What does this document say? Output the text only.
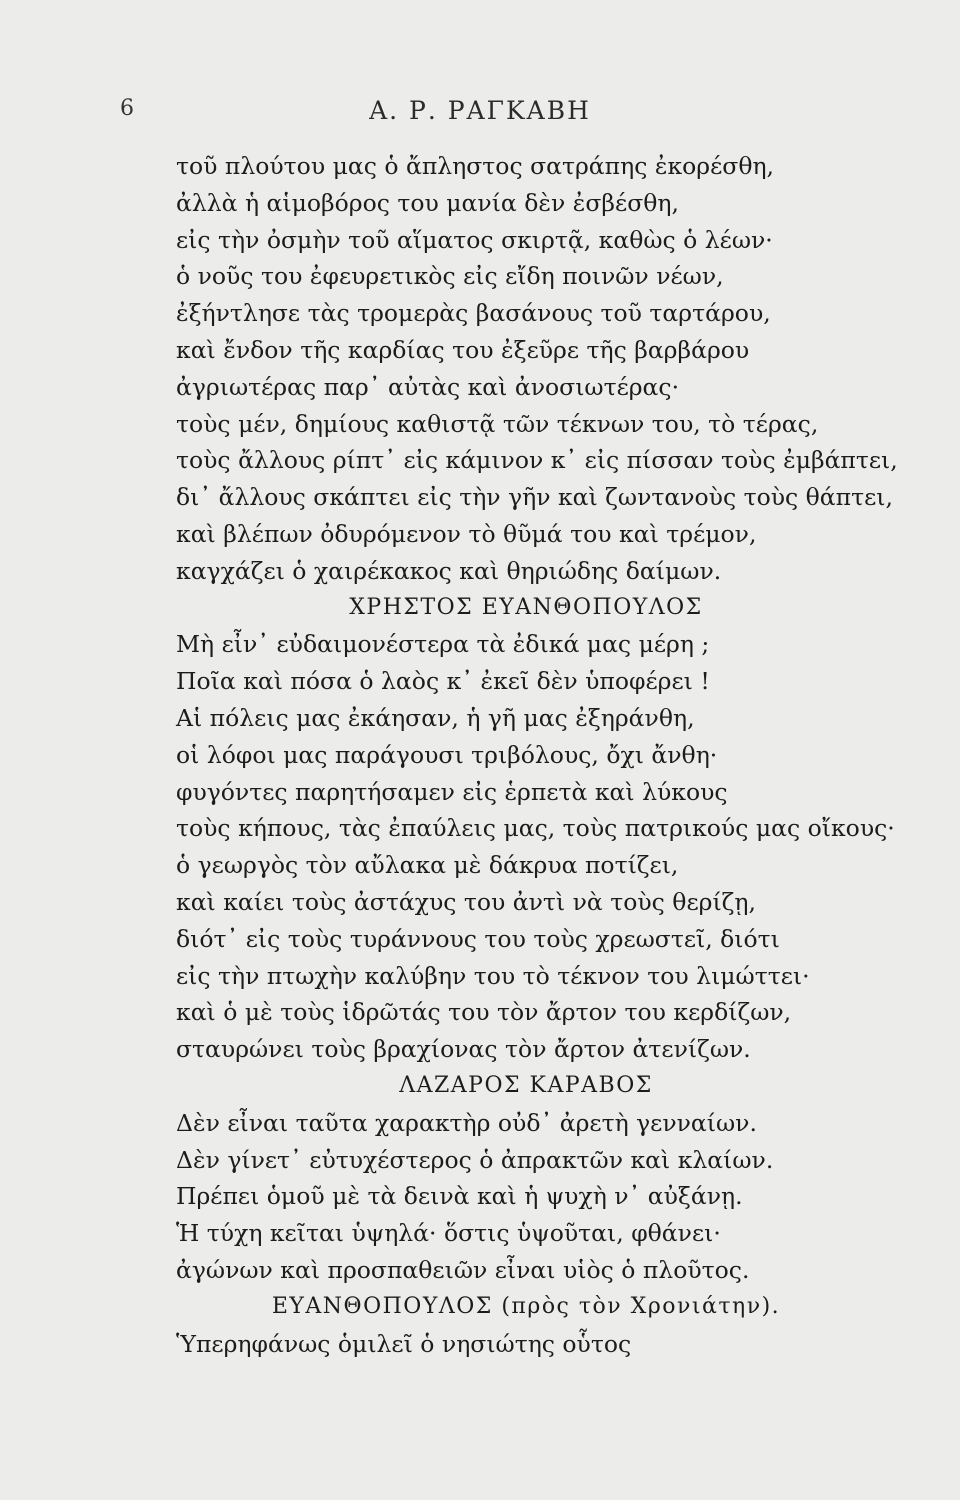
6	Α. Ρ. ΡΑΓΚΑΒΗ
τοῦ πλούτου μας ὁ ἄπληστος σατράπης ἐκορέσθη,
ἀλλὰ ἡ αἱμοβόρος του μανία δὲν ἐσβέσθη,
εἰς τὴν ὀσμὴν τοῦ αἵματος σκιρτᾷ, καθὼς ὁ λέων·
ὁ νοῦς του ἐφευρετικὸς εἰς εἴδη ποινῶν νέων,
ἐξήντλησε τὰς τρομερὰς βασάνους τοῦ ταρτάρου,
καὶ ἔνδον τῆς καρδίας του ἐξεῦρε τῆς βαρβάρου
ἀγριωτέρας παρ᾽ αὐτὰς καὶ ἀνοσιωτέρας·
τοὺς μέν, δημίους καθιστᾷ τῶν τέκνων του, τὸ τέρας,
τοὺς ἄλλους ρίπτ᾽ εἰς κάμινον κ᾽ εἰς πίσσαν τοὺς ἐμβάπτει,
δι᾽ ἄλλους σκάπτει εἰς τὴν γῆν καὶ ζωντανοὺς τοὺς θάπτει,
καὶ βλέπων ὀδυρόμενον τὸ θῦμά του καὶ τρέμον,
καγχάζει ὁ χαιρέκακος καὶ θηριώδης δαίμων.
ΧΡΗΣΤΟΣ ΕΥΑΝΘΟΠΟΥΛΟΣ
Μὴ εἶν᾽ εὐδαιμονέστερα τὰ ἐδικά μας μέρη ;
Ποῖα καὶ πόσα ὁ λαὸς κ᾽ ἐκεῖ δὲν ὑποφέρει !
Αἱ πόλεις μας ἐκάησαν, ἡ γῆ μας ἐξηράνθη,
οἱ λόφοι μας παράγουσι τριβόλους, ὄχι ἄνθη·
φυγόντες παρητήσαμεν εἰς ἑρπετὰ καὶ λύκους
τοὺς κήπους, τὰς ἐπαύλεις μας, τοὺς πατρικούς μας οἴκους·
ὁ γεωργὸς τὸν αὔλακα μὲ δάκρυα ποτίζει,
καὶ καίει τοὺς ἀστάχυς του ἀντὶ νὰ τοὺς θερίζῃ,
διότ᾽ εἰς τοὺς τυράννους του τοὺς χρεωστεῖ, διότι
εἰς τὴν πτωχὴν καλύβην του τὸ τέκνον του λιμώττει·
καὶ ὁ μὲ τοὺς ἱδρῶτάς του τὸν ἄρτον του κερδίζων,
σταυρώνει τοὺς βραχίονας τὸν ἄρτον ἀτενίζων.
ΛΑΖΑΡΟΣ ΚΑΡΑΒΟΣ
Δὲν εἶναι ταῦτα χαρακτὴρ οὐδ᾽ ἀρετὴ γενναίων.
Δὲν γίνετ᾽ εὐτυχέστερος ὁ ἀπρακτῶν καὶ κλαίων.
Πρέπει ὁμοῦ μὲ τὰ δεινὰ καὶ ἡ ψυχὴ ν᾽ αὐξάνῃ.
Ἡ τύχη κεῖται ὑψηλά· ὅστις ὑψοῦται, φθάνει·
ἀγώνων καὶ προσπαθειῶν εἶναι υἱὸς ὁ πλοῦτος.
ΕΥΑΝΘΟΠΟΥΛΟΣ (πρὸς τὸν Χρονιάτην).
Ὑπερηφάνως ὁμιλεῖ ὁ νησιώτης οὗτος
